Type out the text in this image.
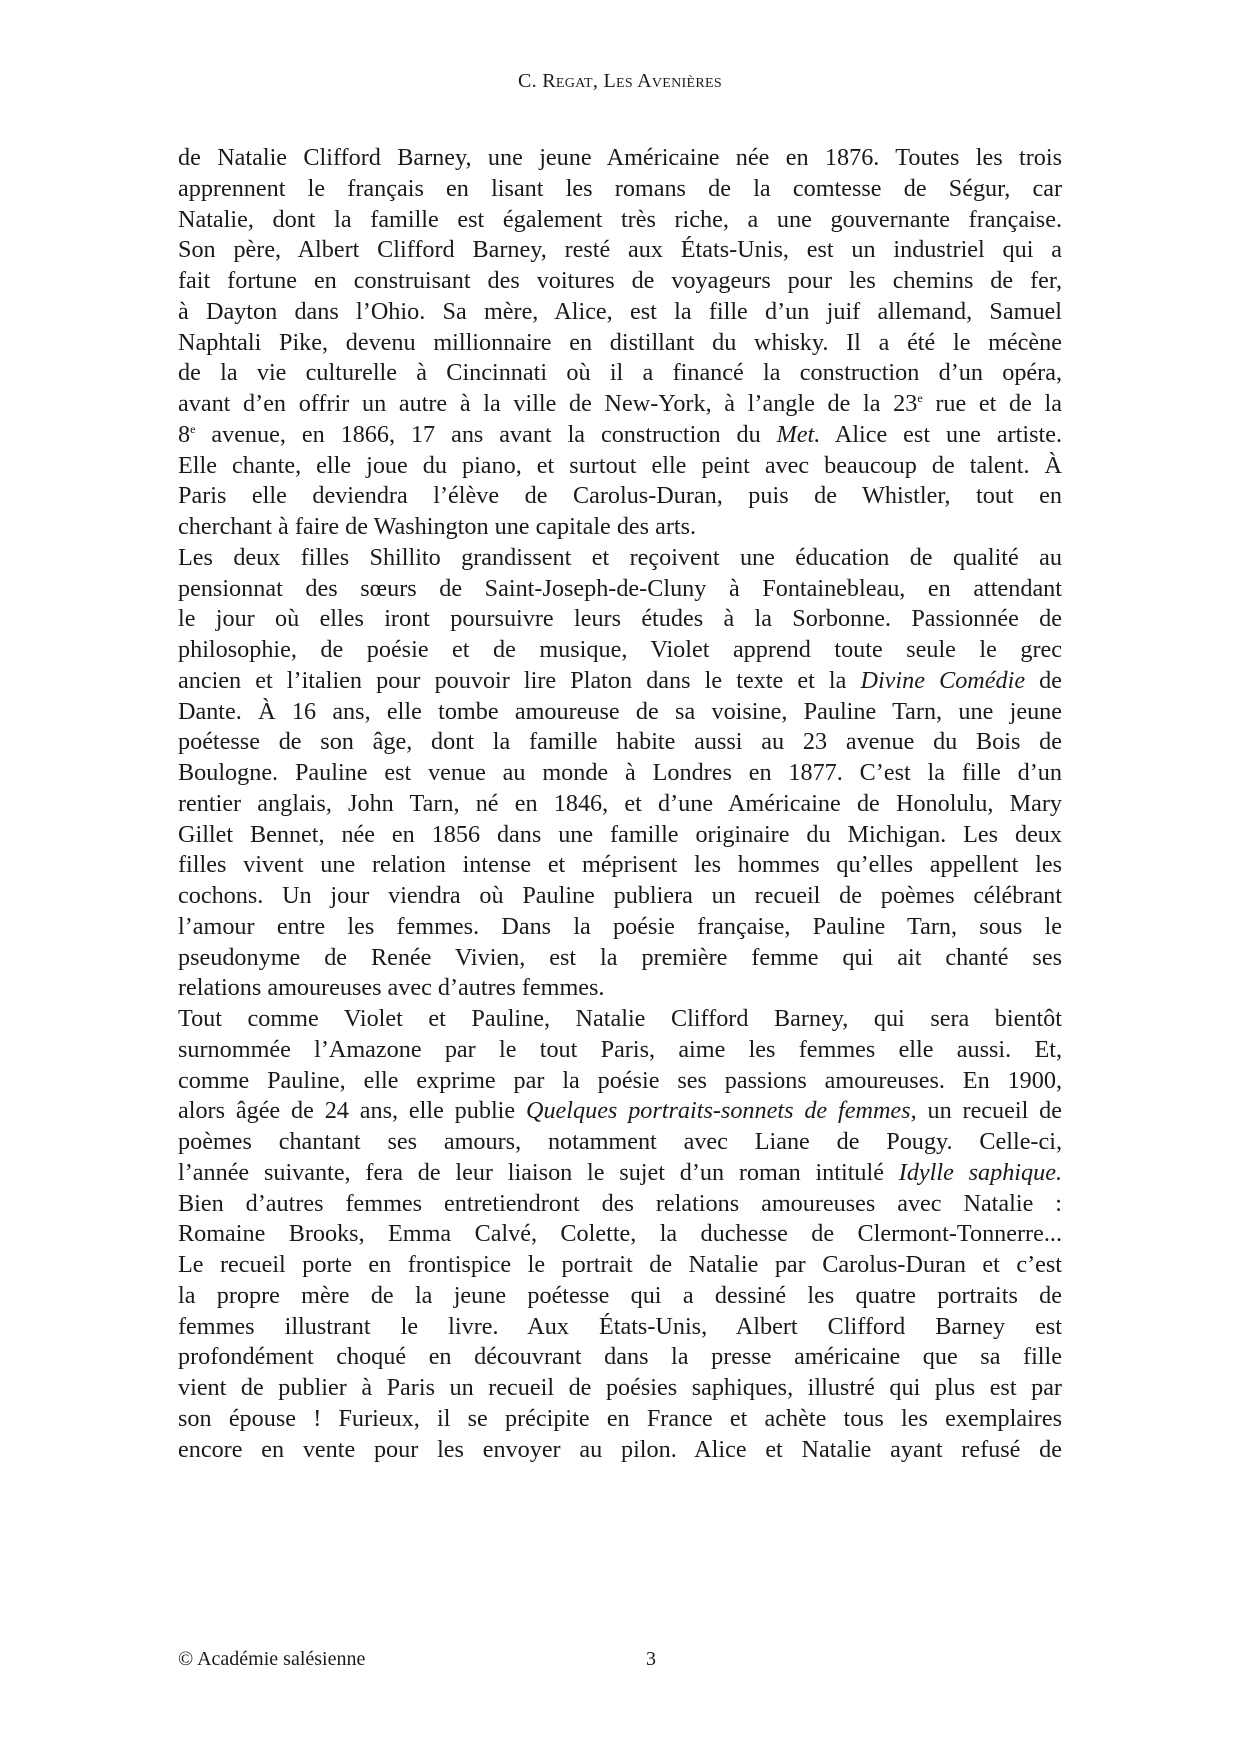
C. Regat, Les Avenières

de Natalie Clifford Barney, une jeune Américaine née en 1876. Toutes les trois
apprennent le français en lisant les romans de la comtesse de Ségur, car
Natalie, dont la famille est également très riche, a une gouvernante française.
Son père, Albert Clifford Barney, resté aux États-Unis, est un industriel qui a
fait fortune en construisant des voitures de voyageurs pour les chemins de fer,
à Dayton dans l’Ohio. Sa mère, Alice, est la fille d’un juif allemand, Samuel
Naphtali Pike, devenu millionnaire en distillant du whisky. Il a été le mécène
de la vie culturelle à Cincinnati où il a financé la construction d’un opéra,
avant d’en offrir un autre à la ville de New-York, à l’angle de la 23e rue et de la
8e avenue, en 1866, 17 ans avant la construction du Met. Alice est une artiste.
Elle chante, elle joue du piano, et surtout elle peint avec beaucoup de talent. À
Paris elle deviendra l’élève de Carolus-Duran, puis de Whistler, tout en
cherchant à faire de Washington une capitale des arts.

Les deux filles Shillito grandissent et reçoivent une éducation de qualité au
pensionnat des sœurs de Saint-Joseph-de-Cluny à Fontainebleau, en attendant
le jour où elles iront poursuivre leurs études à la Sorbonne. Passionnée de
philosophie, de poésie et de musique, Violet apprend toute seule le grec
ancien et l’italien pour pouvoir lire Platon dans le texte et la Divine Comédie de
Dante. À 16 ans, elle tombe amoureuse de sa voisine, Pauline Tarn, une jeune
poétesse de son âge, dont la famille habite aussi au 23 avenue du Bois de
Boulogne. Pauline est venue au monde à Londres en 1877. C’est la fille d’un
rentier anglais, John Tarn, né en 1846, et d’une Américaine de Honolulu, Mary
Gillet Bennet, née en 1856 dans une famille originaire du Michigan. Les deux
filles vivent une relation intense et méprisent les hommes qu’elles appellent les
cochons. Un jour viendra où Pauline publiera un recueil de poèmes célébrant
l’amour entre les femmes. Dans la poésie française, Pauline Tarn, sous le
pseudonyme de Renée Vivien, est la première femme qui ait chanté ses
relations amoureuses avec d’autres femmes.

Tout comme Violet et Pauline, Natalie Clifford Barney, qui sera bientôt
surnommée l’Amazone par le tout Paris, aime les femmes elle aussi. Et,
comme Pauline, elle exprime par la poésie ses passions amoureuses. En 1900,
alors âgée de 24 ans, elle publie Quelques portraits-sonnets de femmes, un recueil de
poèmes chantant ses amours, notamment avec Liane de Pougy. Celle-ci,
l’année suivante, fera de leur liaison le sujet d’un roman intitulé Idylle saphique.
Bien d’autres femmes entretiendront des relations amoureuses avec Natalie :
Romaine Brooks, Emma Calvé, Colette, la duchesse de Clermont-Tonnerre...
Le recueil porte en frontispice le portrait de Natalie par Carolus-Duran et c’est
la propre mère de la jeune poétesse qui a dessiné les quatre portraits de
femmes illustrant le livre. Aux États-Unis, Albert Clifford Barney est
profondément choqué en découvrant dans la presse américaine que sa fille
vient de publier à Paris un recueil de poésies saphiques, illustré qui plus est par
son épouse ! Furieux, il se précipite en France et achète tous les exemplaires
encore en vente pour les envoyer au pilon. Alice et Natalie ayant refusé de

© Académie salésienne	3
